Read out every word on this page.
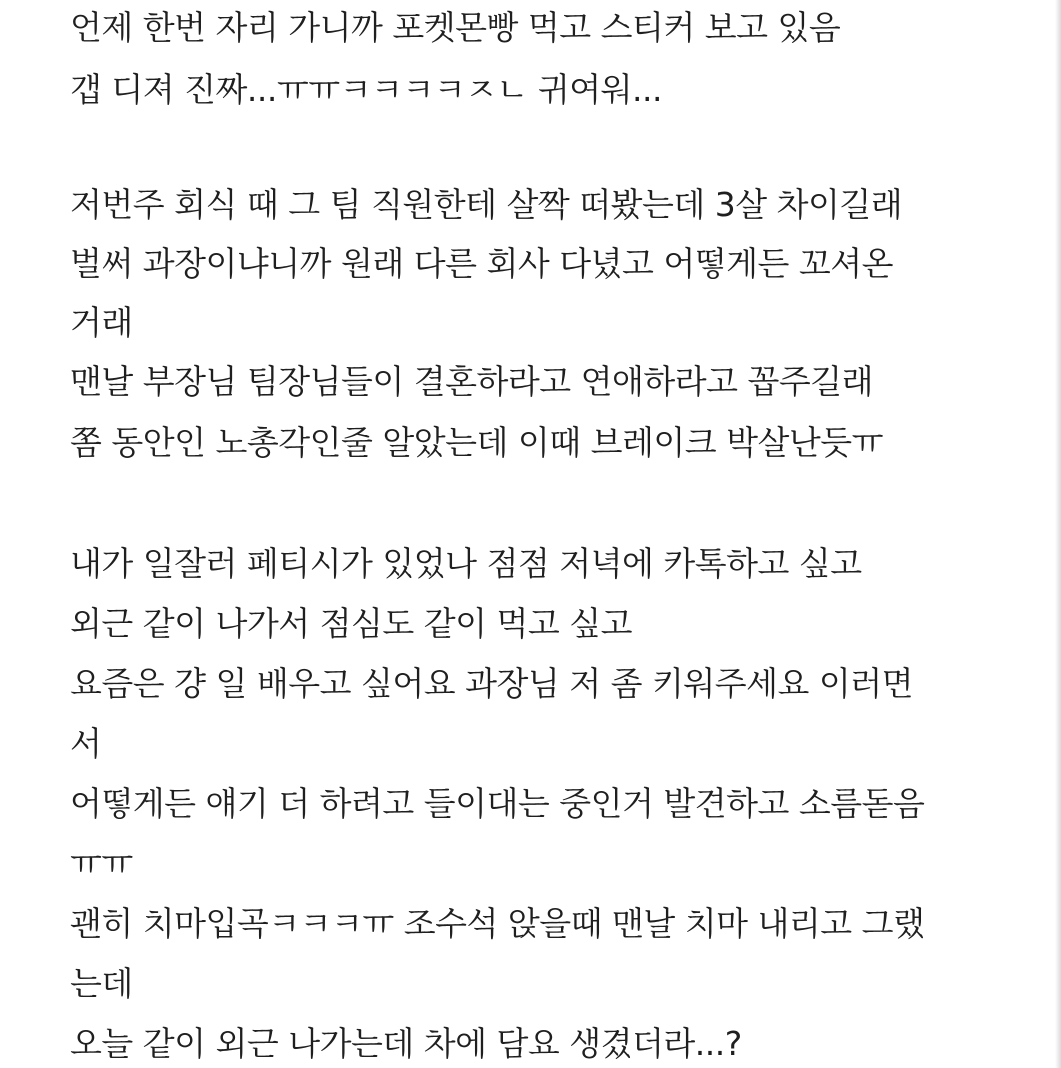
언제 한번 자리 가니까 포켓몬빵 먹고 스티커 보고 있음
갭 디져 진짜...ㅠㅠㅋㅋㅋㅋㅈㄴ 귀여워...
저번주 회식 때 그 팀 직원한테 살짝 떠봤는데 3살 차이길래
벌써 과장이냐니까 원래 다른 회사 다녔고 어떻게든 꼬셔온
거래
맨날 부장님 팀장님들이 결혼하라고 연애하라고 꼽주길래
쫌 동안인 노총각인줄 알았는데 이때 브레이크 박살난듯ㅠ
내가 일잘러 페티시가 있었나 점점 저녁에 카톡하고 싶고
외근 같이 나가서 점심도 같이 먹고 싶고
요즘은 걍 일 배우고 싶어요 과장님 저 좀 키워주세요 이러면
서
어떻게든 얘기 더 하려고 들이대는 중인거 발견하고 소름돋음
ㅠㅠ
괜히 치마입곡ㅋㅋㅋㅠ 조수석 앉을때 맨날 치마 내리고 그랬
는데
오늘 같이 외근 나가는데 차에 담요 생겼더라...?
